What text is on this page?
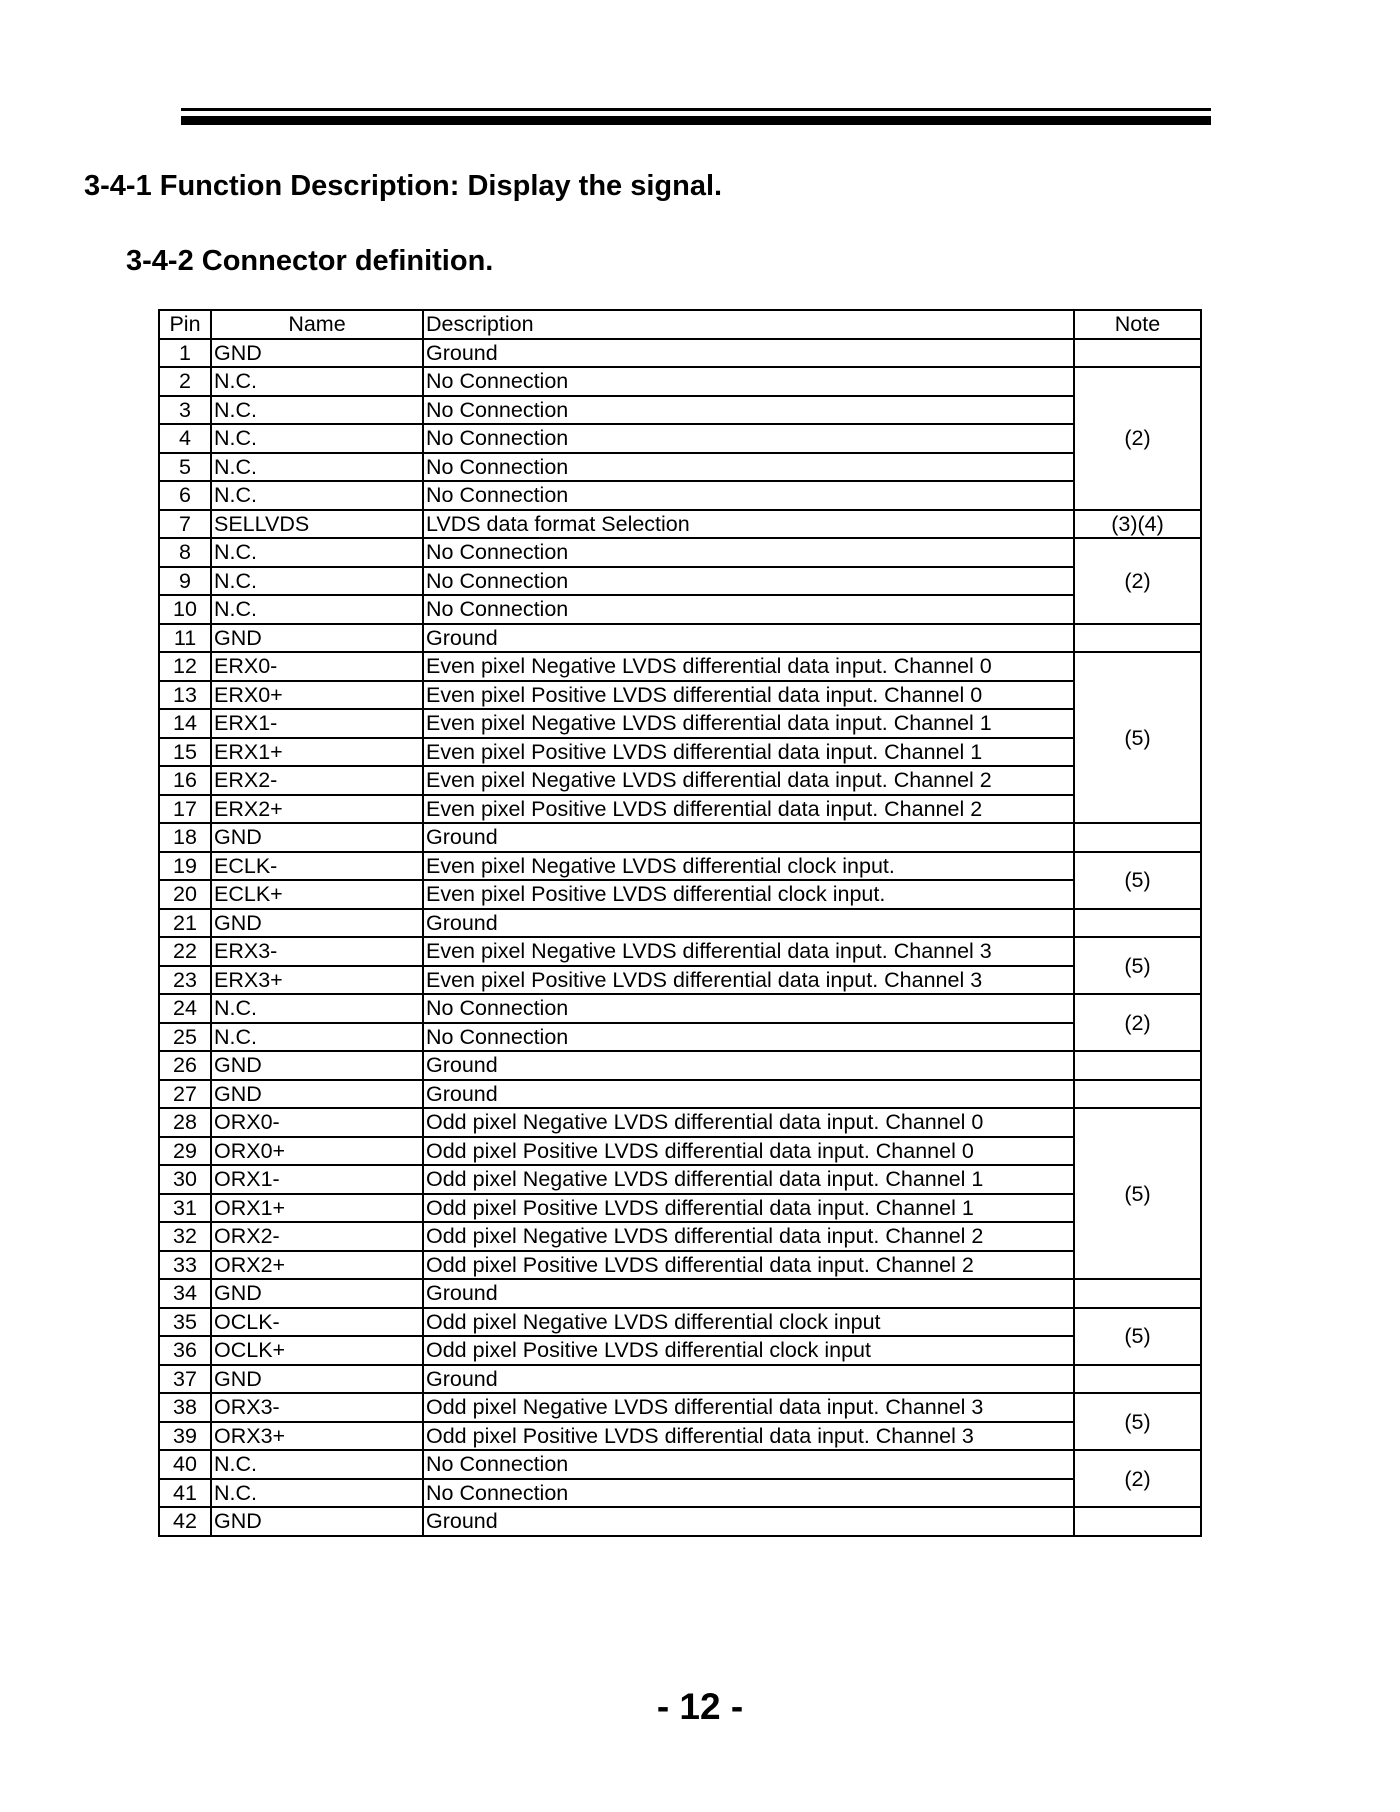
3-4-1 Function Description: Display the signal.
3-4-2 Connector definition.
Pin	Name	Description	Note
1	GND	Ground	
2	N.C.	No Connection	(2)
3	N.C.	No Connection	
4	N.C.	No Connection	
5	N.C.	No Connection	
6	N.C.	No Connection	
7	SELLVDS	LVDS data format Selection	(3)(4)
8	N.C.	No Connection	(2)
9	N.C.	No Connection	
10	N.C.	No Connection	
11	GND	Ground	
12	ERX0-	Even pixel Negative LVDS differential data input. Channel 0	(5)
13	ERX0+	Even pixel Positive LVDS differential data input. Channel 0	
14	ERX1-	Even pixel Negative LVDS differential data input. Channel 1	
15	ERX1+	Even pixel Positive LVDS differential data input. Channel 1	
16	ERX2-	Even pixel Negative LVDS differential data input. Channel 2	
17	ERX2+	Even pixel Positive LVDS differential data input. Channel 2	
18	GND	Ground	
19	ECLK-	Even pixel Negative LVDS differential clock input.	(5)
20	ECLK+	Even pixel Positive LVDS differential clock input.	
21	GND	Ground	
22	ERX3-	Even pixel Negative LVDS differential data input. Channel 3	(5)
23	ERX3+	Even pixel Positive LVDS differential data input. Channel 3	
24	N.C.	No Connection	(2)
25	N.C.	No Connection	
26	GND	Ground	
27	GND	Ground	
28	ORX0-	Odd pixel Negative LVDS differential data input. Channel 0	(5)
29	ORX0+	Odd pixel Positive LVDS differential data input. Channel 0	
30	ORX1-	Odd pixel Negative LVDS differential data input. Channel 1	
31	ORX1+	Odd pixel Positive LVDS differential data input. Channel 1	
32	ORX2-	Odd pixel Negative LVDS differential data input. Channel 2	
33	ORX2+	Odd pixel Positive LVDS differential data input. Channel 2	
34	GND	Ground	
35	OCLK-	Odd pixel Negative LVDS differential clock input	(5)
36	OCLK+	Odd pixel Positive LVDS differential clock input	
37	GND	Ground	
38	ORX3-	Odd pixel Negative LVDS differential data input. Channel 3	(5)
39	ORX3+	Odd pixel Positive LVDS differential data input. Channel 3	
40	N.C.	No Connection	(2)
41	N.C.	No Connection	
42	GND	Ground	
- 12 -
